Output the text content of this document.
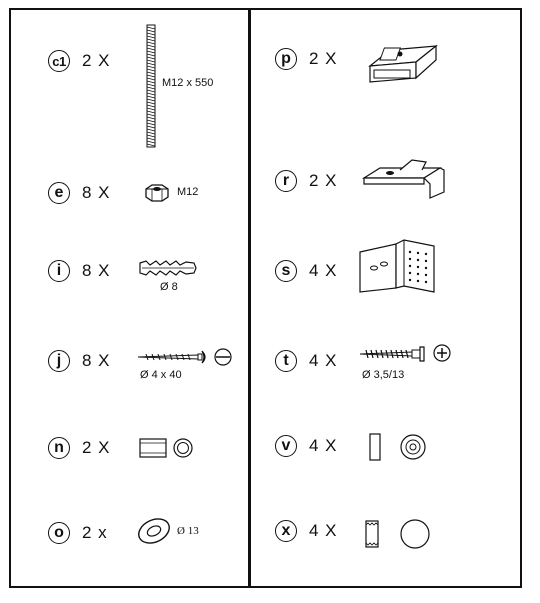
c1 2 X
M12 x 550
e	8 X	M12
i	8 X
Ø 8
j	8 X
Ø 4 x 40
n	2 X
o	2 x	Ø 13
p	2 X
r	2 X
s	4 X
t	4 X
Ø 3,5/13
v	4 X
x	4 X
